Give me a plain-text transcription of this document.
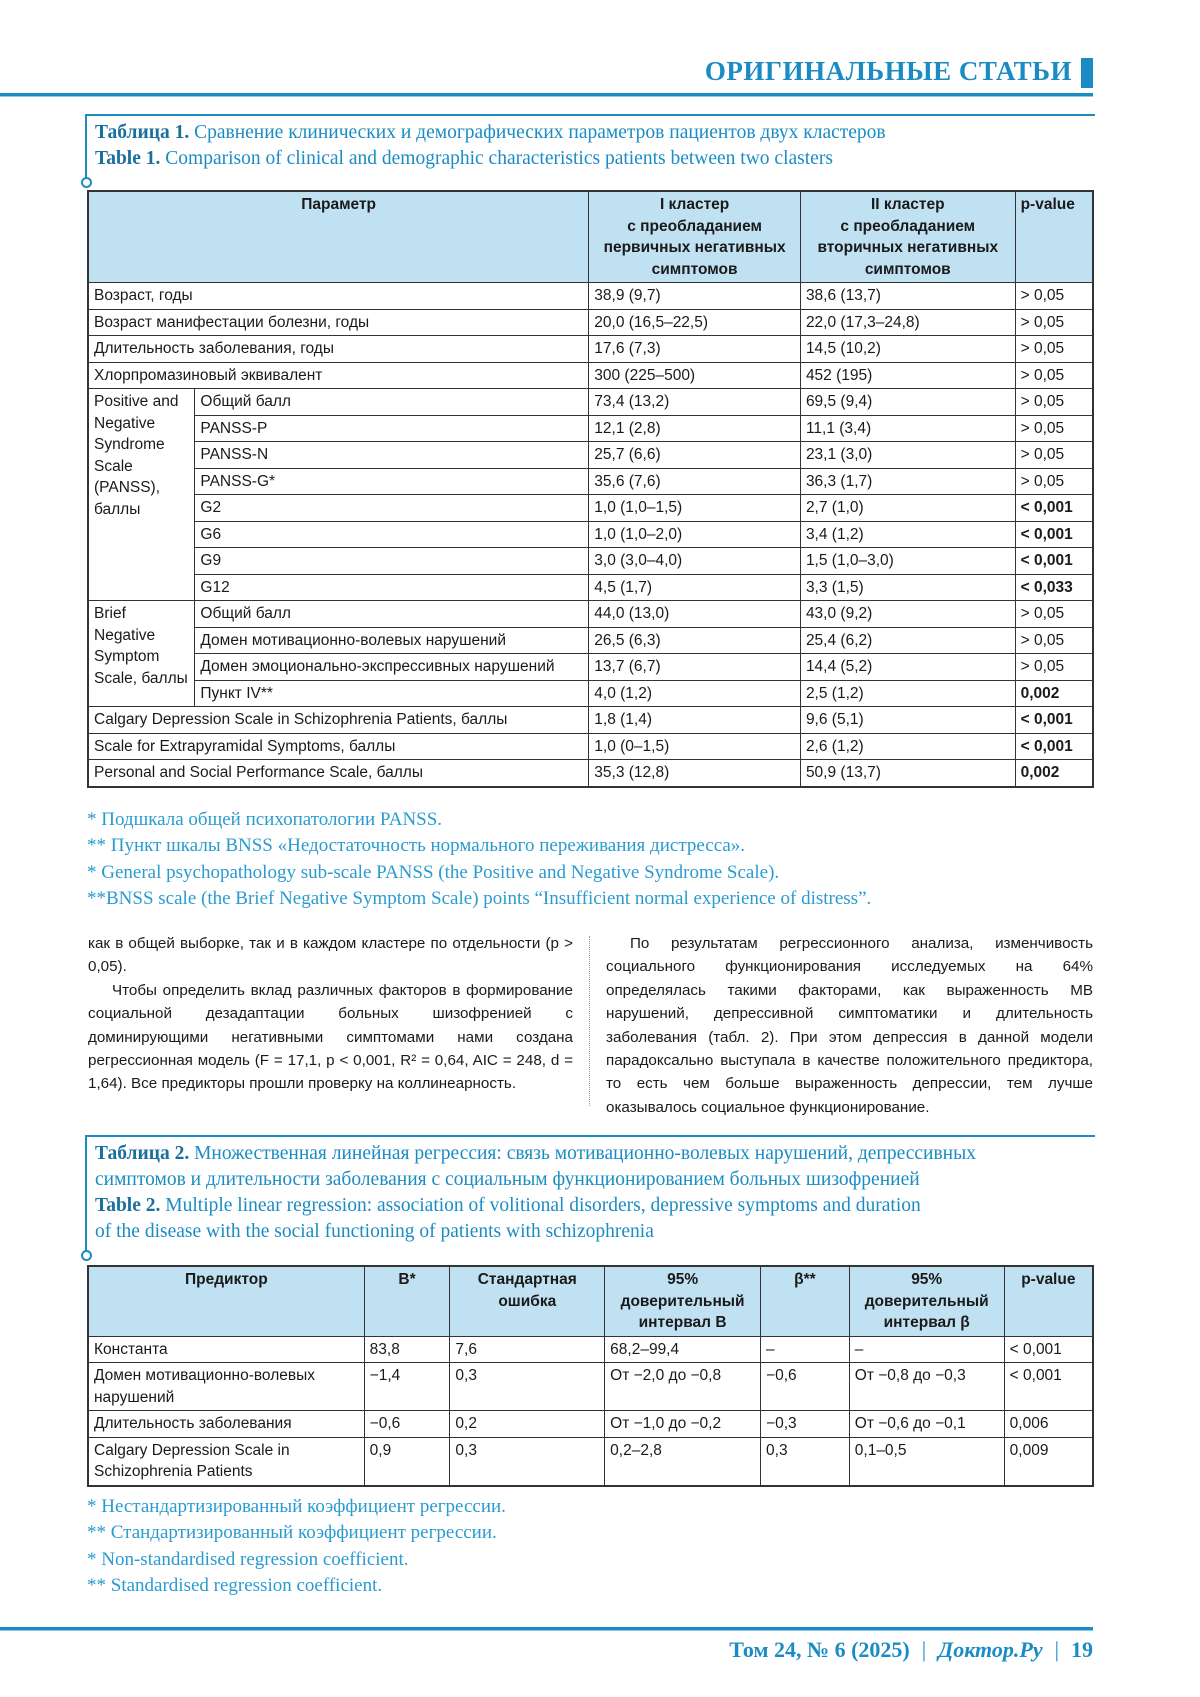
ОРИГИНАЛЬНЫЕ СТАТЬИ
Таблица 1. Сравнение клинических и демографических параметров пациентов двух кластеров
Table 1. Comparison of clinical and demographic characteristics patients between two clasters
Параметр	I кластер
с преобладанием
первичных негативных
симптомов	II кластер
с преобладанием
вторичных негативных
симптомов	p-value
Возраст, годы	38,9 (9,7)	38,6 (13,7)	> 0,05
Возраст манифестации болезни, годы	20,0 (16,5–22,5)	22,0 (17,3–24,8)	> 0,05
Длительность заболевания, годы	17,6 (7,3)	14,5 (10,2)	> 0,05
Хлорпромазиновый эквивалент	300 (225–500)	452 (195)	> 0,05
Positive and Negative Syndrome Scale (PANSS), баллы	Общий балл	73,4 (13,2)	69,5 (9,4)	> 0,05
PANSS-P	12,1 (2,8)	11,1 (3,4)	> 0,05
PANSS-N	25,7 (6,6)	23,1 (3,0)	> 0,05
PANSS-G*	35,6 (7,6)	36,3 (1,7)	> 0,05
G2	1,0 (1,0–1,5)	2,7 (1,0)	< 0,001
G6	1,0 (1,0–2,0)	3,4 (1,2)	< 0,001
G9	3,0 (3,0–4,0)	1,5 (1,0–3,0)	< 0,001
G12	4,5 (1,7)	3,3 (1,5)	< 0,033
Brief Negative Symptom Scale, баллы	Общий балл	44,0 (13,0)	43,0 (9,2)	> 0,05
Домен мотивационно-волевых нарушений	26,5 (6,3)	25,4 (6,2)	> 0,05
Домен эмоционально-экспрессивных нарушений	13,7 (6,7)	14,4 (5,2)	> 0,05
Пункт IV**	4,0 (1,2)	2,5 (1,2)	0,002
Calgary Depression Scale in Schizophrenia Patients, баллы	1,8 (1,4)	9,6 (5,1)	< 0,001
Scale for Extrapyramidal Symptoms, баллы	1,0 (0–1,5)	2,6 (1,2)	< 0,001
Personal and Social Performance Scale, баллы	35,3 (12,8)	50,9 (13,7)	0,002
* Подшкала общей психопатологии PANSS.
** Пункт шкалы BNSS «Недостаточность нормального переживания дистресса».
* General psychopathology sub-scale PANSS (the Positive and Negative Syndrome Scale).
**BNSS scale (the Brief Negative Symptom Scale) points “Insufficient normal experience of distress”.

как в общей выборке, так и в каждом кластере по отдельности (p > 0,05).

Чтобы определить вклад различных факторов в формирование социальной дезадаптации больных шизофренией с доминирующими негативными симптомами нами создана регрессионная модель (F = 17,1, p < 0,001, R² = 0,64, AIC = 248, d = 1,64). Все предикторы прошли проверку на коллинеарность.

По результатам регрессионного анализа, изменчивость социального функционирования исследуемых на 64% определялась такими факторами, как выраженность МВ нарушений, депрессивной симптоматики и длительность заболевания (табл. 2). При этом депрессия в данной модели парадоксально выступала в качестве положительного предиктора, то есть чем больше выраженность депрессии, тем лучше оказывалось социальное функционирование.

Таблица 2. Множественная линейная регрессия: связь мотивационно-волевых нарушений, депрессивных
симптомов и длительности заболевания с социальным функционированием больных шизофренией
Table 2. Multiple linear regression: association of volitional disorders, depressive symptoms and duration
of the disease with the social functioning of patients with schizophrenia
Предиктор	B*	Стандартная
ошибка	95%
доверительный
интервал B	β**	95%
доверительный
интервал β	p-value
Константа	83,8	7,6	68,2–99,4	–	–	< 0,001
Домен мотивационно-волевых нарушений	−1,4	0,3	От −2,0 до −0,8	−0,6	От −0,8 до −0,3	< 0,001
Длительность заболевания	−0,6	0,2	От −1,0 до −0,2	−0,3	От −0,6 до −0,1	0,006
Calgary Depression Scale in Schizophrenia Patients	0,9	0,3	0,2–2,8	0,3	0,1–0,5	0,009
* Нестандартизированный коэффициент регрессии.
** Стандартизированный коэффициент регрессии.
* Non-standardised regression coefficient.
** Standardised regression coefficient.
Том 24, № 6 (2025) | Доктор.Ру | 19
